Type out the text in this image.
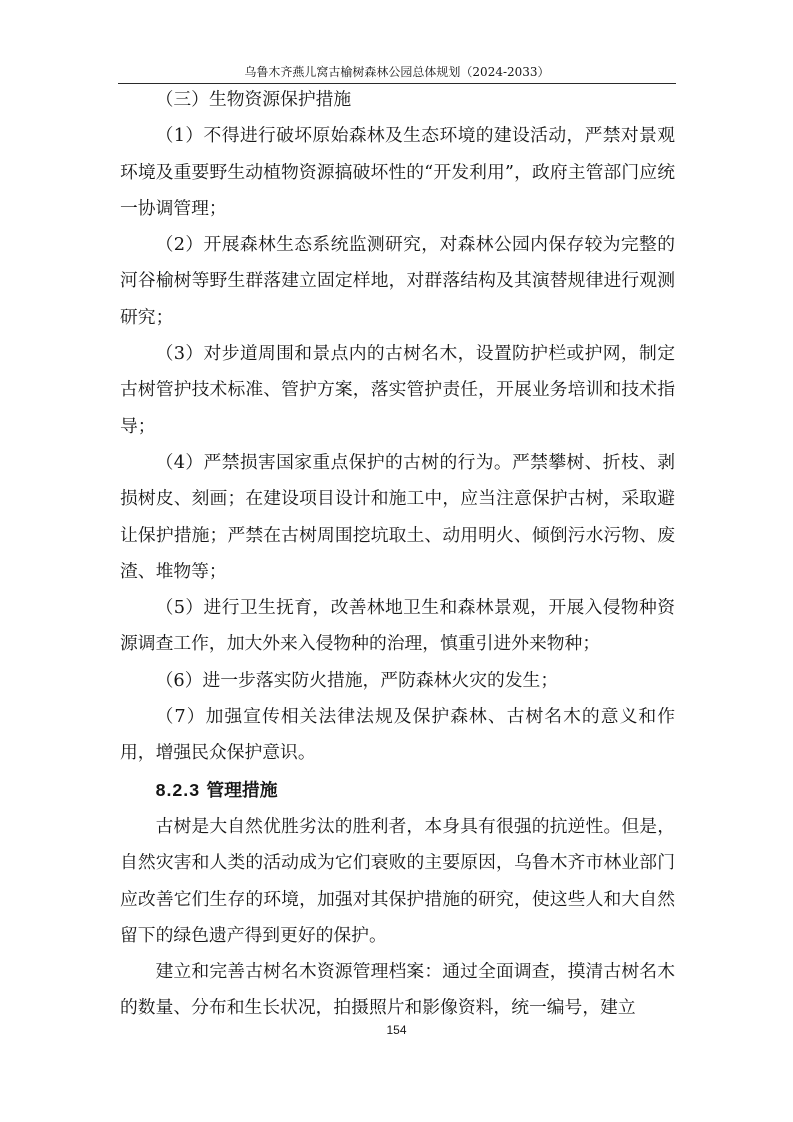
乌鲁木齐燕儿窝古榆树森林公园总体规划（2024-2033）

（三）生物资源保护措施

（1）不得进行破坏原始森林及生态环境的建设活动，严禁对景观环境及重要野生动植物资源搞破坏性的“开发利用”，政府主管部门应统一协调管理；

（2）开展森林生态系统监测研究，对森林公园内保存较为完整的河谷榆树等野生群落建立固定样地，对群落结构及其演替规律进行观测研究；

（3）对步道周围和景点内的古树名木，设置防护栏或护网，制定古树管护技术标准、管护方案，落实管护责任，开展业务培训和技术指导；

（4）严禁损害国家重点保护的古树的行为。严禁攀树、折枝、剥损树皮、刻画；在建设项目设计和施工中，应当注意保护古树，采取避让保护措施；严禁在古树周围挖坑取土、动用明火、倾倒污水污物、废渣、堆物等；

（5）进行卫生抚育，改善林地卫生和森林景观，开展入侵物种资源调查工作，加大外来入侵物种的治理，慎重引进外来物种；

（6）进一步落实防火措施，严防森林火灾的发生；

（7）加强宣传相关法律法规及保护森林、古树名木的意义和作用，增强民众保护意识。

8.2.3 管理措施

古树是大自然优胜劣汰的胜利者，本身具有很强的抗逆性。但是，自然灾害和人类的活动成为它们衰败的主要原因，乌鲁木齐市林业部门应改善它们生存的环境，加强对其保护措施的研究，使这些人和大自然留下的绿色遗产得到更好的保护。

建立和完善古树名木资源管理档案：通过全面调查，摸清古树名木的数量、分布和生长状况，拍摄照片和影像资料，统一编号，建立

154
